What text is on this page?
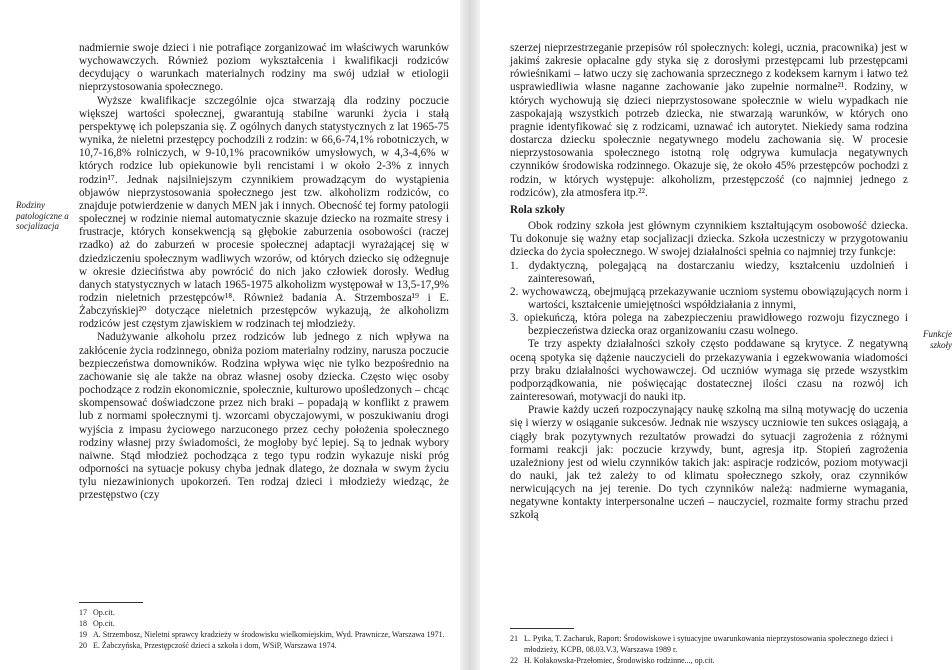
Rodziny patologiczne a socjalizacja

nadmiernie swoje dzieci i nie potrafiące zorganizować im właściwych warunków wychowawczych. Również poziom wykształcenia i kwalifikacji rodziców decydujący o warunkach materialnych rodziny ma swój udział w etiologii nieprzystosowania społecznego.

Wyższe kwalifikacje szczególnie ojca stwarzają dla rodziny poczucie większej wartości społecznej, gwarantują stabilne warunki życia i stałą perspektywę ich polepszania się. Z ogólnych danych statystycznych z lat 1965-75 wynika, że nieletni przestępcy pochodzili z rodzin: w 66,6-74,1% robotniczych, w 10,7-16,8% rolniczych, w 9-10,1% pracowników umysłowych, w 4,3-4,6% w których rodzice lub opiekunowie byli rencistami i w około 2-3% z innych rodzin¹⁷. Jednak najsilniejszym czynnikiem prowadzącym do wystąpienia objawów nieprzystosowania społecznego jest tzw. alkoholizm rodziców, co znajduje potwierdzenie w danych MEN jak i innych. Obecność tej formy patologii społecznej w rodzinie niemal automatycznie skazuje dziecko na rozmaite stresy i frustracje, których konsekwencją są głębokie zaburzenia osobowości (raczej rzadko) aż do zaburzeń w procesie społecznej adaptacji wyrażającej się w dziedziczeniu społecznym wadliwych wzorów, od których dziecko się odżegnuje w okresie dzieciństwa aby powrócić do nich jako człowiek dorosły. Według danych statystycznych w latach 1965-1975 alkoholizm występował w 13,5-17,9% rodzin nieletnich przestępców¹⁸. Również badania A. Strzembosza¹⁹ i E. Żabczyńskiej²⁰ dotyczące nieletnich przestępców wykazują, że alkoholizm rodziców jest częstym zjawiskiem w rodzinach tej młodzieży.

Nadużywanie alkoholu przez rodziców lub jednego z nich wpływa na zakłócenie życia rodzinnego, obniża poziom materialny rodziny, narusza poczucie bezpieczeństwa domowników. Rodzina wpływa więc nie tylko bezpośrednio na zachowanie się ale także na obraz własnej osoby dziecka. Często więc osoby pochodzące z rodzin ekonomicznie, społecznie, kulturowo upośledzonych – chcąc skompensować doświadczone przez nich braki – popadają w konflikt z prawem lub z normami społecznymi tj. wzorcami obyczajowymi, w poszukiwaniu drogi wyjścia z impasu życiowego narzuconego przez cechy położenia społecznego rodziny własnej przy świadomości, że mogłoby być lepiej. Są to jednak wybory naiwne. Stąd młodzież pochodząca z tego typu rodzin wykazuje niski próg odporności na sytuacje pokusy chyba jednak dlatego, że doznała w swym życiu tylu niezawinionych upokorzeń. Ten rodzaj dzieci i młodzieży wiedząc, że przestępstwo (czy

17 Op.cit.
18 Op.cit.
19 A. Strzembosz, Nieletni sprawcy kradzieży w środowisku wielkomiejskim, Wyd. Prawnicze, Warszawa 1971.
20 E. Żabczyńska, Przestępczość dzieci a szkoła i dom, WSiP, Warszawa 1974.
Funkcje szkoły

szerzej nieprzestrzeganie przepisów ról społecznych: kolegi, ucznia, pracownika) jest w jakimś zakresie opłacalne gdy styka się z dorosłymi przestępcami lub przestępcami rówieśnikami – łatwo uczy się zachowania sprzecznego z kodeksem karnym i łatwo też usprawiedliwia własne naganne zachowanie jako zupełnie normalne²¹. Rodziny, w których wychowują się dzieci nieprzystosowane społecznie w wielu wypadkach nie zaspokajają wszystkich potrzeb dziecka, nie stwarzają warunków, w których ono pragnie identyfikować się z rodzicami, uznawać ich autorytet. Niekiedy sama rodzina dostarcza dziecku społecznie negatywnego modelu zachowania się. W procesie nieprzystosowania społecznego istotną rolę odgrywa kumulacja negatywnych czynników środowiska rodzinnego. Okazuje się, że około 45% przestępców pochodzi z rodzin, w których występuje: alkoholizm, przestępczość (co najmniej jednego z rodziców), zła atmosfera itp.²².

Rola szkoły

Obok rodziny szkoła jest głównym czynnikiem kształtującym osobowość dziecka. Tu dokonuje się ważny etap socjalizacji dziecka. Szkoła uczestniczy w przygotowaniu dziecka do życia społecznego. W swojej działalności spełnia co najmniej trzy funkcje:

1. dydaktyczną, polegającą na dostarczaniu wiedzy, kształceniu uzdolnień i zainteresowań,

2. wychowawczą, obejmującą przekazywanie uczniom systemu obowiązujących norm i wartości, kształcenie umiejętności współdziałania z innymi,

3. opiekuńczą, która polega na zabezpieczeniu prawidłowego rozwoju fizycznego i bezpieczeństwa dziecka oraz organizowaniu czasu wolnego.

Te trzy aspekty działalności szkoły często poddawane są krytyce. Z negatywną oceną spotyka się dążenie nauczycieli do przekazywania i egzekwowania wiadomości przy braku działalności wychowawczej. Od uczniów wymaga się przede wszystkim podporządkowania, nie poświęcając dostatecznej ilości czasu na rozwój ich zainteresowań, motywacji do nauki itp.

Prawie każdy uczeń rozpoczynający naukę szkolną ma silną motywację do uczenia się i wierzy w osiąganie sukcesów. Jednak nie wszyscy uczniowie ten sukces osiągają, a ciągły brak pozytywnych rezultatów prowadzi do sytuacji zagrożenia z różnymi formami reakcji jak: poczucie krzywdy, bunt, agresja itp. Stopień zagrożenia uzależniony jest od wielu czynników takich jak: aspiracje rodziców, poziom motywacji do nauki, jak też zależy to od klimatu społecznego szkoły, oraz czynników nerwicujących na jej terenie. Do tych czynników należą: nadmierne wymagania, negatywne kontakty interpersonalne uczeń – nauczyciel, rozmaite formy strachu przed szkołą

21 L. Pytka, T. Zacharuk, Raport: Środowiskowe i sytuacyjne uwarunkowania nieprzystosowania społecznego dzieci i młodzieży, KCPB, 08.03.V.3, Warszawa 1989 r.
22 H. Kołakowska-Przełomiec, Środowisko rodzinne..., op.cit.
